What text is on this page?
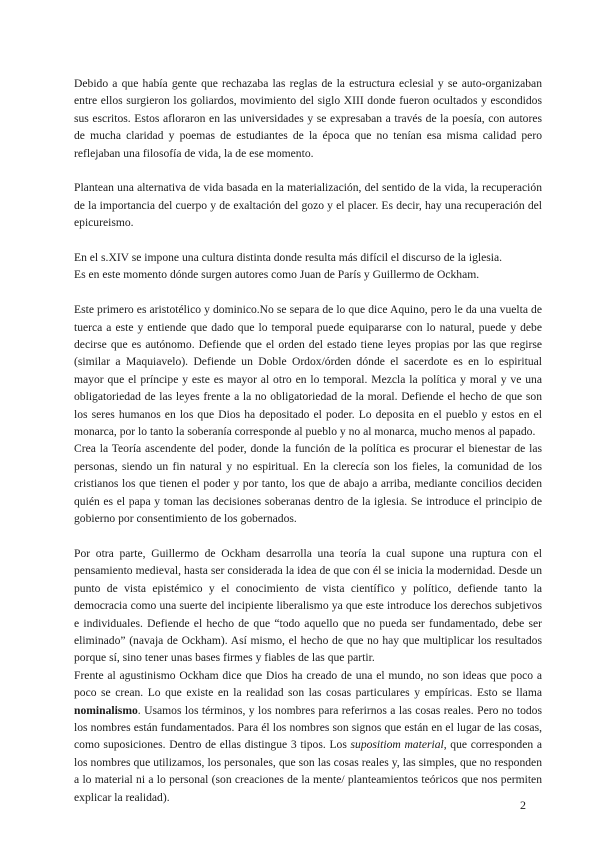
Debido a que había gente que rechazaba las reglas de la estructura eclesial y se auto-organizaban entre ellos surgieron los goliardos, movimiento del siglo XIII donde fueron ocultados y escondidos sus escritos. Estos afloraron en las universidades y se expresaban a través de la poesía, con autores de mucha claridad y poemas de estudiantes de la época que no tenían esa misma calidad pero reflejaban una filosofía de vida, la de ese momento.

Plantean una alternativa de vida basada en la materialización, del sentido de la vida, la recuperación de la importancia del cuerpo y de exaltación del gozo y el placer. Es decir, hay una recuperación del epicureismo.

En el s.XIV se impone una cultura distinta donde resulta más difícil el discurso de la iglesia.

Es en este momento dónde surgen autores como Juan de París y Guillermo de Ockham.

Este primero es aristotélico y dominico.No se separa de lo que dice Aquino, pero le da una vuelta de tuerca a este y entiende que dado que lo temporal puede equipararse con lo natural, puede y debe decirse que es autónomo. Defiende que el orden del estado tiene leyes propias por las que regirse (similar a Maquiavelo). Defiende un Doble Ordox/órden dónde el sacerdote es en lo espiritual mayor que el príncipe y este es mayor al otro en lo temporal. Mezcla la política y moral y ve una obligatoriedad de las leyes frente a la no obligatoriedad de la moral. Defiende el hecho de que son los seres humanos en los que Dios ha depositado el poder. Lo deposita en el pueblo y estos en el monarca, por lo tanto la soberanía corresponde al pueblo y no al monarca, mucho menos al papado.

Crea la Teoría ascendente del poder, donde la función de la política es procurar el bienestar de las personas, siendo un fin natural y no espiritual. En la clerecía son los fieles, la comunidad de los cristianos los que tienen el poder y por tanto, los que de abajo a arriba, mediante concilios deciden quién es el papa y toman las decisiones soberanas dentro de la iglesia. Se introduce el principio de gobierno por consentimiento de los gobernados.

Por otra parte, Guillermo de Ockham desarrolla una teoría la cual supone una ruptura con el pensamiento medieval, hasta ser considerada la idea de que con él se inicia la modernidad. Desde un punto de vista epistémico y el conocimiento de vista científico y político, defiende tanto la democracia como una suerte del incipiente liberalismo ya que este introduce los derechos subjetivos e individuales. Defiende el hecho de que “todo aquello que no pueda ser fundamentado, debe ser eliminado” (navaja de Ockham). Así mismo, el hecho de que no hay que multiplicar los resultados porque sí, sino tener unas bases firmes y fiables de las que partir.

Frente al agustinismo Ockham dice que Dios ha creado de una el mundo, no son ideas que poco a poco se crean. Lo que existe en la realidad son las cosas particulares y empíricas. Esto se llama nominalismo. Usamos los términos, y los nombres para referirnos a las cosas reales. Pero no todos los nombres están fundamentados. Para él los nombres son signos que están en el lugar de las cosas, como suposiciones. Dentro de ellas distingue 3 tipos. Los supositiom material, que corresponden a los nombres que utilizamos, los personales, que son las cosas reales y, las simples, que no responden a lo material ni a lo personal (son creaciones de la mente/ planteamientos teóricos que nos permiten explicar la realidad).

2
